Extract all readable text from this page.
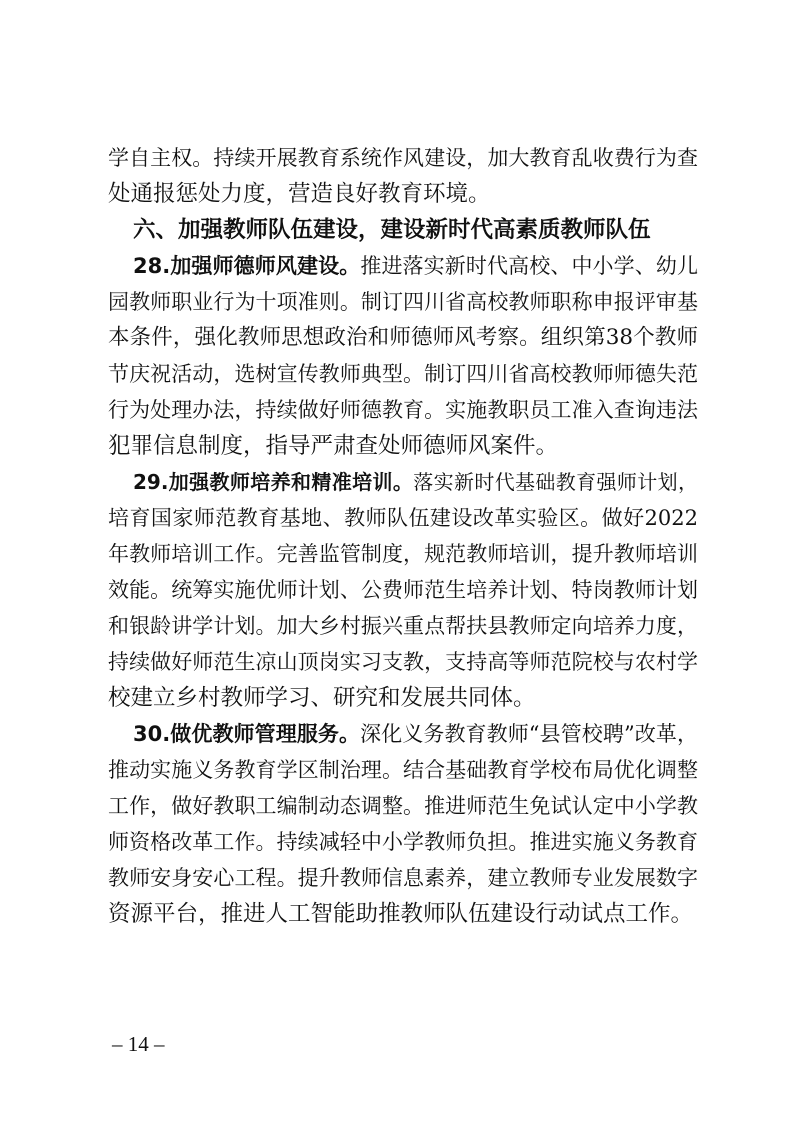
学自主权。持续开展教育系统作风建设，加大教育乱收费行为查
处通报惩处力度，营造良好教育环境。
六、加强教师队伍建设，建设新时代高素质教师队伍
28.加强师德师风建设。推进落实新时代高校、中小学、幼儿
园教师职业行为十项准则。制订四川省高校教师职称申报评审基
本条件，强化教师思想政治和师德师风考察。组织第38个教师
节庆祝活动，选树宣传教师典型。制订四川省高校教师师德失范
行为处理办法，持续做好师德教育。实施教职员工准入查询违法
犯罪信息制度，指导严肃查处师德师风案件。
29.加强教师培养和精准培训。落实新时代基础教育强师计划，
培育国家师范教育基地、教师队伍建设改革实验区。做好2022
年教师培训工作。完善监管制度，规范教师培训，提升教师培训
效能。统筹实施优师计划、公费师范生培养计划、特岗教师计划
和银龄讲学计划。加大乡村振兴重点帮扶县教师定向培养力度，
持续做好师范生凉山顶岗实习支教，支持高等师范院校与农村学
校建立乡村教师学习、研究和发展共同体。
30.做优教师管理服务。深化义务教育教师“县管校聘”改革，
推动实施义务教育学区制治理。结合基础教育学校布局优化调整
工作，做好教职工编制动态调整。推进师范生免试认定中小学教
师资格改革工作。持续减轻中小学教师负担。推进实施义务教育
教师安身安心工程。提升教师信息素养，建立教师专业发展数字
资源平台，推进人工智能助推教师队伍建设行动试点工作。
– 14 –
